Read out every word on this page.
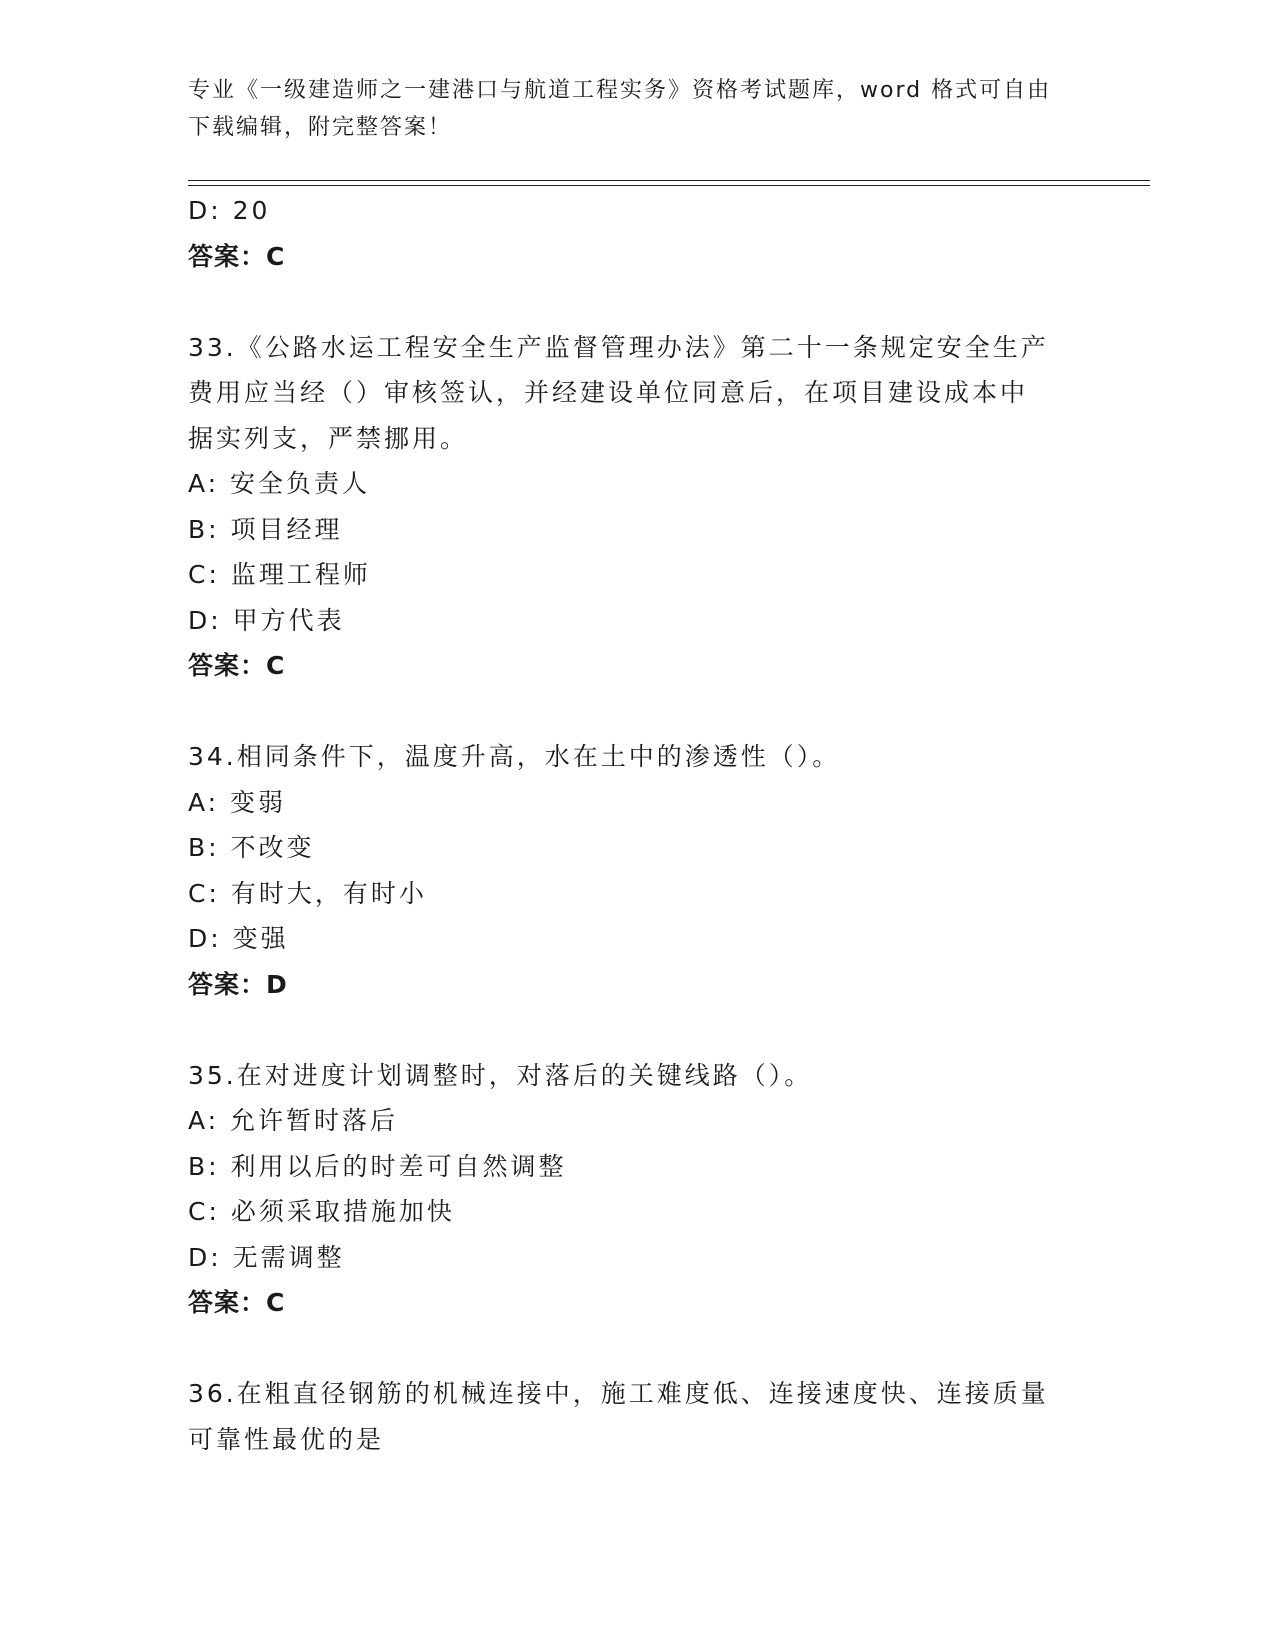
专业《一级建造师之一建港口与航道工程实务》资格考试题库，word 格式可自由
下载编辑，附完整答案！
D: 20
答案：C
33.《公路水运工程安全生产监督管理办法》第二十一条规定安全生产
费用应当经（）审核签认，并经建设单位同意后，在项目建设成本中
据实列支，严禁挪用。
A: 安全负责人
B: 项目经理
C: 监理工程师
D: 甲方代表
答案：C
34.相同条件下，温度升高，水在土中的渗透性（）。
A: 变弱
B: 不改变
C: 有时大，有时小
D: 变强
答案：D
35.在对进度计划调整时，对落后的关键线路（）。
A: 允许暂时落后
B: 利用以后的时差可自然调整
C: 必须采取措施加快
D: 无需调整
答案：C
36.在粗直径钢筋的机械连接中，施工难度低、连接速度快、连接质量
可靠性最优的是
